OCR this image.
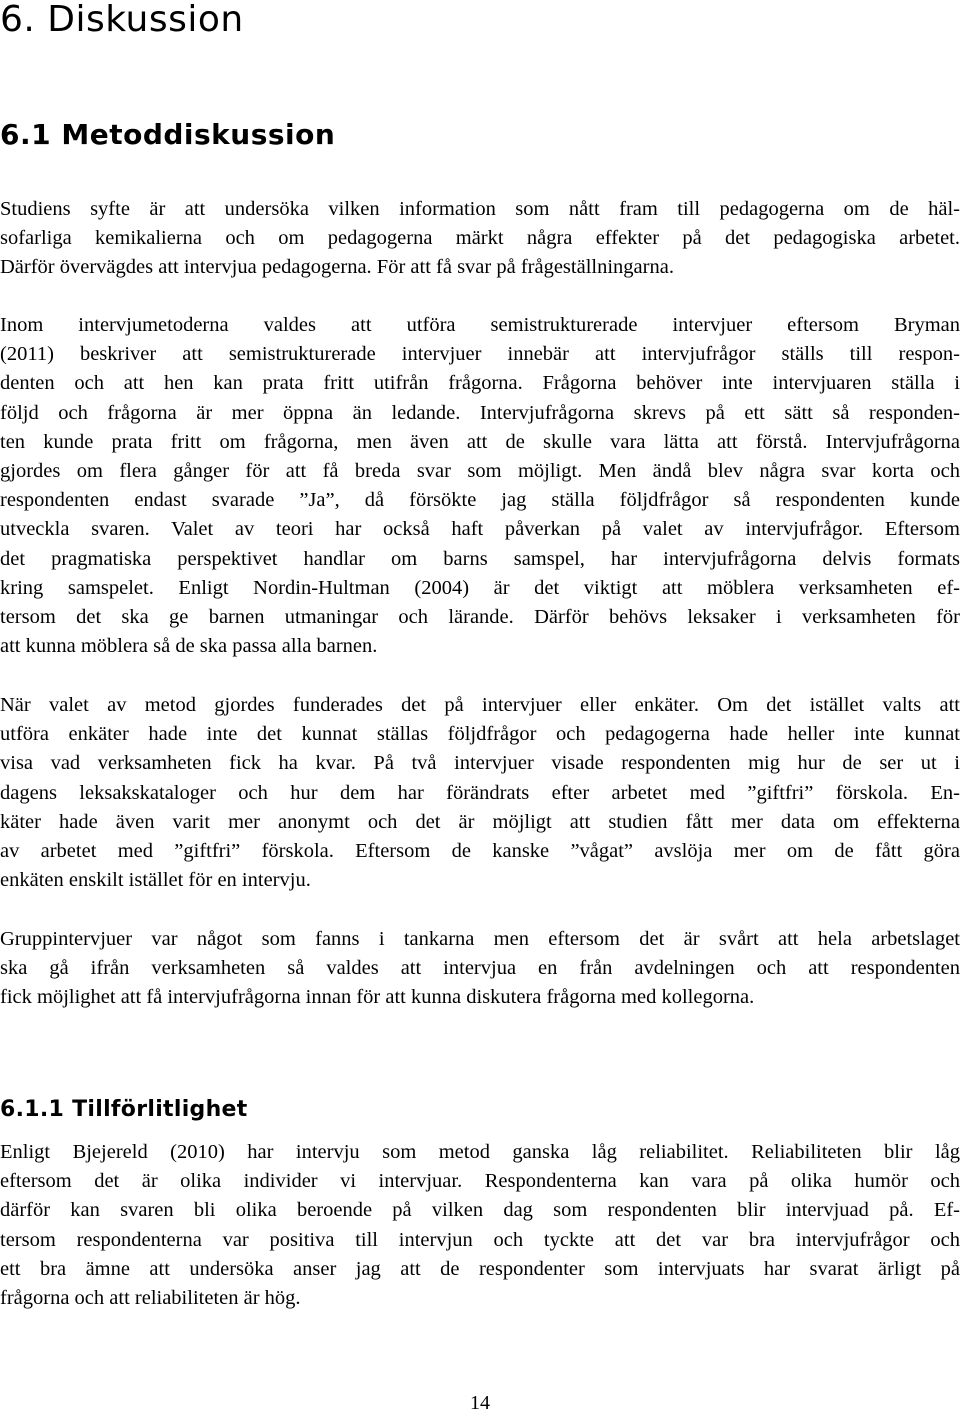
6. Diskussion
6.1 Metoddiskussion
Studiens syfte är att undersöka vilken information som nått fram till pedagogerna om de häl-
sofarliga kemikalierna och om pedagogerna märkt några effekter på det pedagogiska arbetet.
Därför övervägdes att intervjua pedagogerna. För att få svar på frågeställningarna.
Inom intervjumetoderna valdes att utföra semistrukturerade intervjuer eftersom Bryman
(2011) beskriver att semistrukturerade intervjuer innebär att intervjufrågor ställs till respon-
denten och att hen kan prata fritt utifrån frågorna. Frågorna behöver inte intervjuaren ställa i
följd och frågorna är mer öppna än ledande. Intervjufrågorna skrevs på ett sätt så responden-
ten kunde prata fritt om frågorna, men även att de skulle vara lätta att förstå. Intervjufrågorna
gjordes om flera gånger för att få breda svar som möjligt. Men ändå blev några svar korta och
respondenten endast svarade ”Ja”, då försökte jag ställa följdfrågor så respondenten kunde
utveckla svaren. Valet av teori har också haft påverkan på valet av intervjufrågor. Eftersom
det pragmatiska perspektivet handlar om barns samspel, har intervjufrågorna delvis formats
kring samspelet. Enligt Nordin-Hultman (2004) är det viktigt att möblera verksamheten ef-
tersom det ska ge barnen utmaningar och lärande. Därför behövs leksaker i verksamheten för
att kunna möblera så de ska passa alla barnen.
När valet av metod gjordes funderades det på intervjuer eller enkäter. Om det istället valts att
utföra enkäter hade inte det kunnat ställas följdfrågor och pedagogerna hade heller inte kunnat
visa vad verksamheten fick ha kvar. På två intervjuer visade respondenten mig hur de ser ut i
dagens leksakskataloger och hur dem har förändrats efter arbetet med ”giftfri” förskola. En-
käter hade även varit mer anonymt och det är möjligt att studien fått mer data om effekterna
av arbetet med ”giftfri” förskola. Eftersom de kanske ”vågat” avslöja mer om de fått göra
enkäten enskilt istället för en intervju.
Gruppintervjuer var något som fanns i tankarna men eftersom det är svårt att hela arbetslaget
ska gå ifrån verksamheten så valdes att intervjua en från avdelningen och att respondenten
fick möjlighet att få intervjufrågorna innan för att kunna diskutera frågorna med kollegorna.
6.1.1 Tillförlitlighet
Enligt Bjejereld (2010) har intervju som metod ganska låg reliabilitet. Reliabiliteten blir låg
eftersom det är olika individer vi intervjuar. Respondenterna kan vara på olika humör och
därför kan svaren bli olika beroende på vilken dag som respondenten blir intervjuad på. Ef-
tersom respondenterna var positiva till intervjun och tyckte att det var bra intervjufrågor och
ett bra ämne att undersöka anser jag att de respondenter som intervjuats har svarat ärligt på
frågorna och att reliabiliteten är hög.
14
